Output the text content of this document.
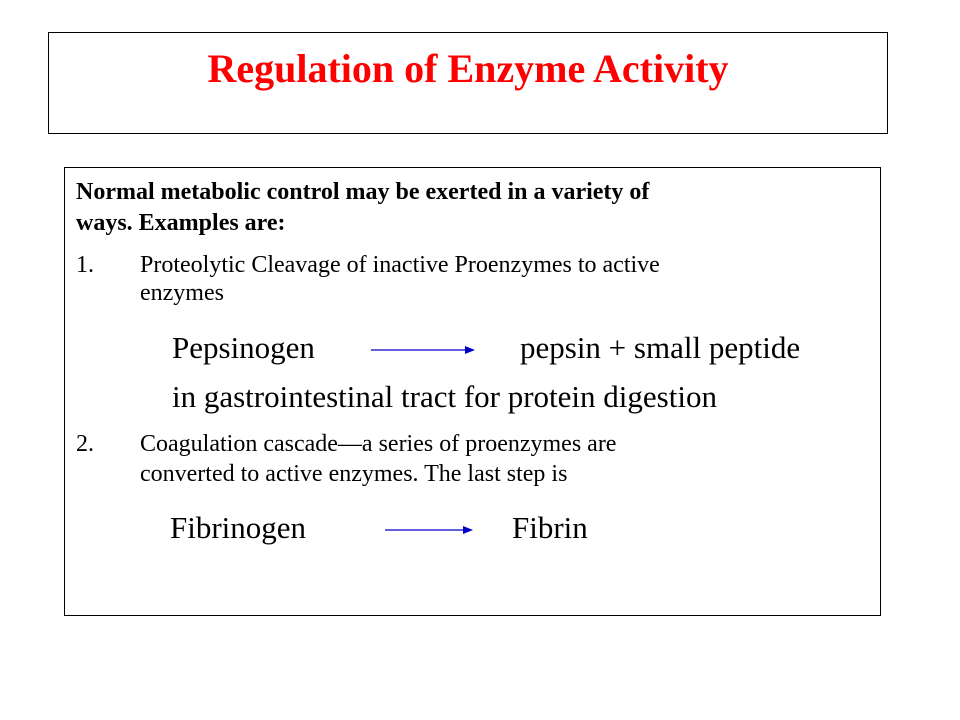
Regulation of Enzyme Activity
Normal metabolic control may be exerted in a variety of
ways. Examples are:
1. Proteolytic Cleavage of inactive Proenzymes to active
enzymes
Pepsinogen	pepsin + small peptide
in gastrointestinal tract for protein digestion
2. Coagulation cascade—a series of proenzymes are
converted to active enzymes. The last step is
Fibrinogen	Fibrin
